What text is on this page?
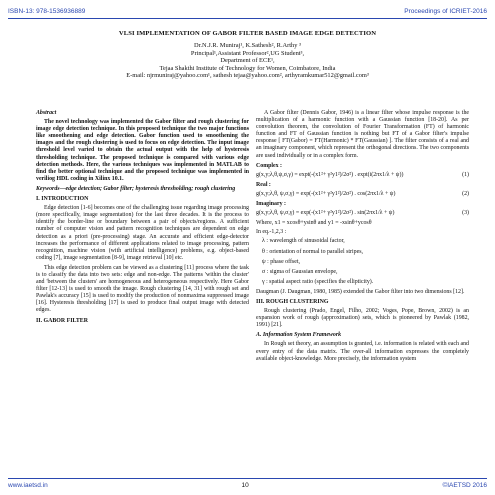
ISBN-13: 978-1536936889	Proceedings of ICRIET-2016
VLSI IMPLEMENTATION OF GABOR FILTER BASED IMAGE EDGE DETECTION
Dr.N.J.R. Muniraj¹, K.Sathesh², R.Arthy ³
Principal¹,Assistant Professor²,UG Student³,
Department of ECE¹,
Tejaa Shakthi Institute of Technology for Women, Coimbatore, India
E-mail: njrmuniraj@yahoo.com¹, sathesh tejaa@yahoo.com², arthyramkumar512@gmail.com³
Abstract
The novel technology was implemented the Gabor filter and rough clustering for image edge detection technique. In this proposed technique the two major functions like smoothening and edge detection. Gabor function used to smoothening the images and the rough clustering is used to focus on edge detection. The input image threshold level varied to obtain the actual output with the help of hysteresis thresholding technique. The proposed technique is compared with various edge detection methods. Here, the various techniques was implemented in MATLAB to find the better optional technique and the proposed technique was implemented in veriliog HDL coding in Xilinx 10.1.
Keywords—edge detection; Gabor filter; hysteresis thresholding; rough clustering
I. INTRODUCTION

Edge detection [1-6] becomes one of the challenging issue regarding image processing (more specifically, image segmentation) for the last three decades. It is the process to identify the border-line or boundary between a pair of objects/regions. A sufficient number of computer vision and pattern recognition techniques are dependent on edge detection as a priori (pre-processing) stage. An accurate and efficient edge-detector increases the performance of different applications related to image processing, pattern recognition, machine vision (with artificial intelligence) problems, e.g. object-based coding [7], image segmentation [8-9], image retrieval [10] etc.

This edge detection problem can be viewed as a clustering [11] process where the task is to classify the data into two sets: edge and non-edge. The patterns 'within the cluster' and 'between the clusters' are homogeneous and heterogeneous respectively. Here Gabor filter [12-13] is used to smooth the image. Rough clustering [14, 31] with rough set and Pawlak's accuracy [15] is used to modify the production of nonmaxima suppressed image [16]. Hysteresis thresholding [17] is used to produce final output image with detected edges.

II. GABOR FILTER

A Gabor filter (Dennis Gabor, 1946) is a linear filter whose impulse response is the multiplication of a harmonic function with a Gaussian function [18-20]. As per convolution theorem, the convolution of Fourier Transformation (FT) of harmonic function and FT of Gaussian function is nothing but FT of a Gabor filter's impulse response [ FT(Gabor) = FT(Harmonic) * FT(Gaussian) ]. The filter consists of a real and an imaginary component, which represent the orthogonal directions. The two components are used individually or in a complex form.

Complex :

g(x,y;λ,θ,ψ,σ,γ) = expt(-(x1²+ γ²y1²)/2σ²) . expt(i(2πx1/λ + ψ))	(1)

Real :

g(x,y;λ,θ, ψ,σ,γ) = exp(-(x1²+ γ²y1²)/2σ²) . cos(2πx1/λ + ψ)	(2)

Imaginary :

g(x,y;λ,θ, ψ,σ,γ) = exp(-(x1²+ γ²y1²)/2σ²) . sin(2πx1/λ + ψ)	(3)

Where, x1 = xcosθ+ysinθ and y1 = -xsinθ+ycosθ

In eq.-1,2,3 :

λ : wavelength of sinusoidal factor,
θ : orientation of normal to parallel stripes,
ψ : phase offset,
σ : sigma of Gaussian envelope,
γ : spatial aspect ratio (specifies the ellipticity).

Daugman (J. Daugman, 1980, 1985) extended the Gabor filter into two dimensions [12].

III. ROUGH CLUSTERING

Rough clustering (Prado, Engel, Filho, 2002; Voges, Pope, Brown, 2002) is an expansion work of rough (approximation) sets, which is pioneered by Pawlak (1982, 1991) [21].

A. Information System Framework

In Rough set theory, an assumption is granted, i.e. information is related with each and every entry of the data matrix. The over-all information expresses the completely available object-knowledge. More precisely, the information system

www.iaetsd.in	10	©IAETSD 2016
